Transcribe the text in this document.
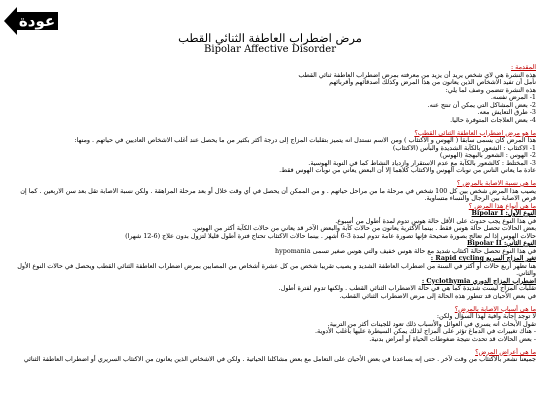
عودة
مرض اضطراب العاطفة الثنائي القطب
Bipolar Affective Disorder

المقدمة :

هذه النشرة هي لاي شخص يريد أن يزيد من معرفته بمرض اضطراب العاطفة ثنائي القطب

نأمل أن تفيد الاشخاص الذين يعانون من هذا المرض وكذلك أصدقائهم وأقربائهم

هذه النشرة تتضمن وصف لما يلي:

1- المرض نفسه.

2- بعض المشاكل التي يمكن أن تنتج عنه.

3- طرق التعايش معه.

4- بعض العلاجات المتوفرة حاليا.

ما هو مرض اضطراب العاطفة الثنائي القطب؟

هذا المرض كان يسمى سابقا ( الهوس و الاكتئاب ) ومن الاسم نستدل انه يتميز بتقلبات المزاج إلى درجة أكثر بكثير من ما يحصل عند أغلب الاشخاص العاديين في حياتهم . ومنها:

1- الاكتئاب : الشعور بالكآبة الشديدة والبأس (الاكتئاب)

2- الهوس : الشعور بالبهجة (الهوس)

3- المختلط : كالشعور بالكآبة مع عدم الاستقرار وازدياد النشاط كما في النوبة الهوسية.

عادة ما يعاني الناس من نوبات الهوس والاكتئاب كلاهما إلا أن البعض يعاني من نوبات الهوس فقط.

ما هي نسبة الاصابة بالمرض ؟

يصيب هذا المرض شخص بين كل 100 شخص في مرحلة ما من مراحل حياتهم . و من الممكن أن يحصل في أي وقت خلال أو بعد مرحلة المراهقة . ولكن نسبة الاصابة تقل بعد سن الاربعين . كما إن فرص الاصابة بين الرجال والنساء متساوية.

ما هي أنواع هذا المرض ؟

النوع الأول: Bipolar I

في هذا النوع يجب حدوث على الأقل حالة هوس تدوم لمدة أطول من أسبوع.

بعض الحالات تحصل حالة هوس فقط . بينما الأكثرية يعانون من حالات كآبة والبعض الآخر قد يعاني من حالات الكآبة أكثر من الهوس.

حالات الهوس إذا لم تعالج بصورة صحيحة فإنها تصورة عامة تدوم لمدة 3-6 أشهر . بينما حالات الاكتئاب تحتاج فترة أطول قليلا لتزول بدون علاج (6-12 شهرا)

النوع الثاني: Bipolar II

في هذا النوع تحصل حالة اكتئاب شديد مع حالة هوس خفيف والتي هوس صغير تسمى hypomania

تغير المزاج السريع Rapid cycling :

هنا تظهر أربع حالات أو أكثر في السنة من اضطراب العاطفة الشديد و يصيب تقريبا شخص من كل عشرة أشخاص من المصابين بمرض اضطراب العاطفة الثنائي القطب ويحصل في حالات النوع الأول والثاني.

اضطراب المزاج الدوري Cyclothymia :

تقلبات المزاج ليست شديدة كما هي في حالة الاضطراب الثنائي القطب . ولكنها تدوم لفترة أطول.

في بعض الأحيان قد تتطور هذه الحالة إلى مرض الاضطراب الثنائي القطب.

ما هي أسباب الاصابة بالمرض؟

لا توجد إجابة وافية لهذا السؤال ولكن:

تقول الأبحاث انه يسري في العوائل والأسباب ذلك تعود للجينات أكثر من التربية.

- هناك تغييرات في الدماغ تؤثر على المزاج لذلك يمكن السيطرة عليها بأغلب الأدوية.

- بعض الحالات قد تحدث نتيجة ضغوطات الحياة أو أمراض بدنية.

ما هي أعراض المرض؟

جميعنا نشعر بالاكتئاب من وقت لآخر . حتى إنه يساعدنا في بعض الأحيان على التعامل مع بعض مشاكلنا الحياتية . ولكن في الاشخاص الذين يعانون من الاكتئاب السريري أو اضطراب العاطفة الثنائي
